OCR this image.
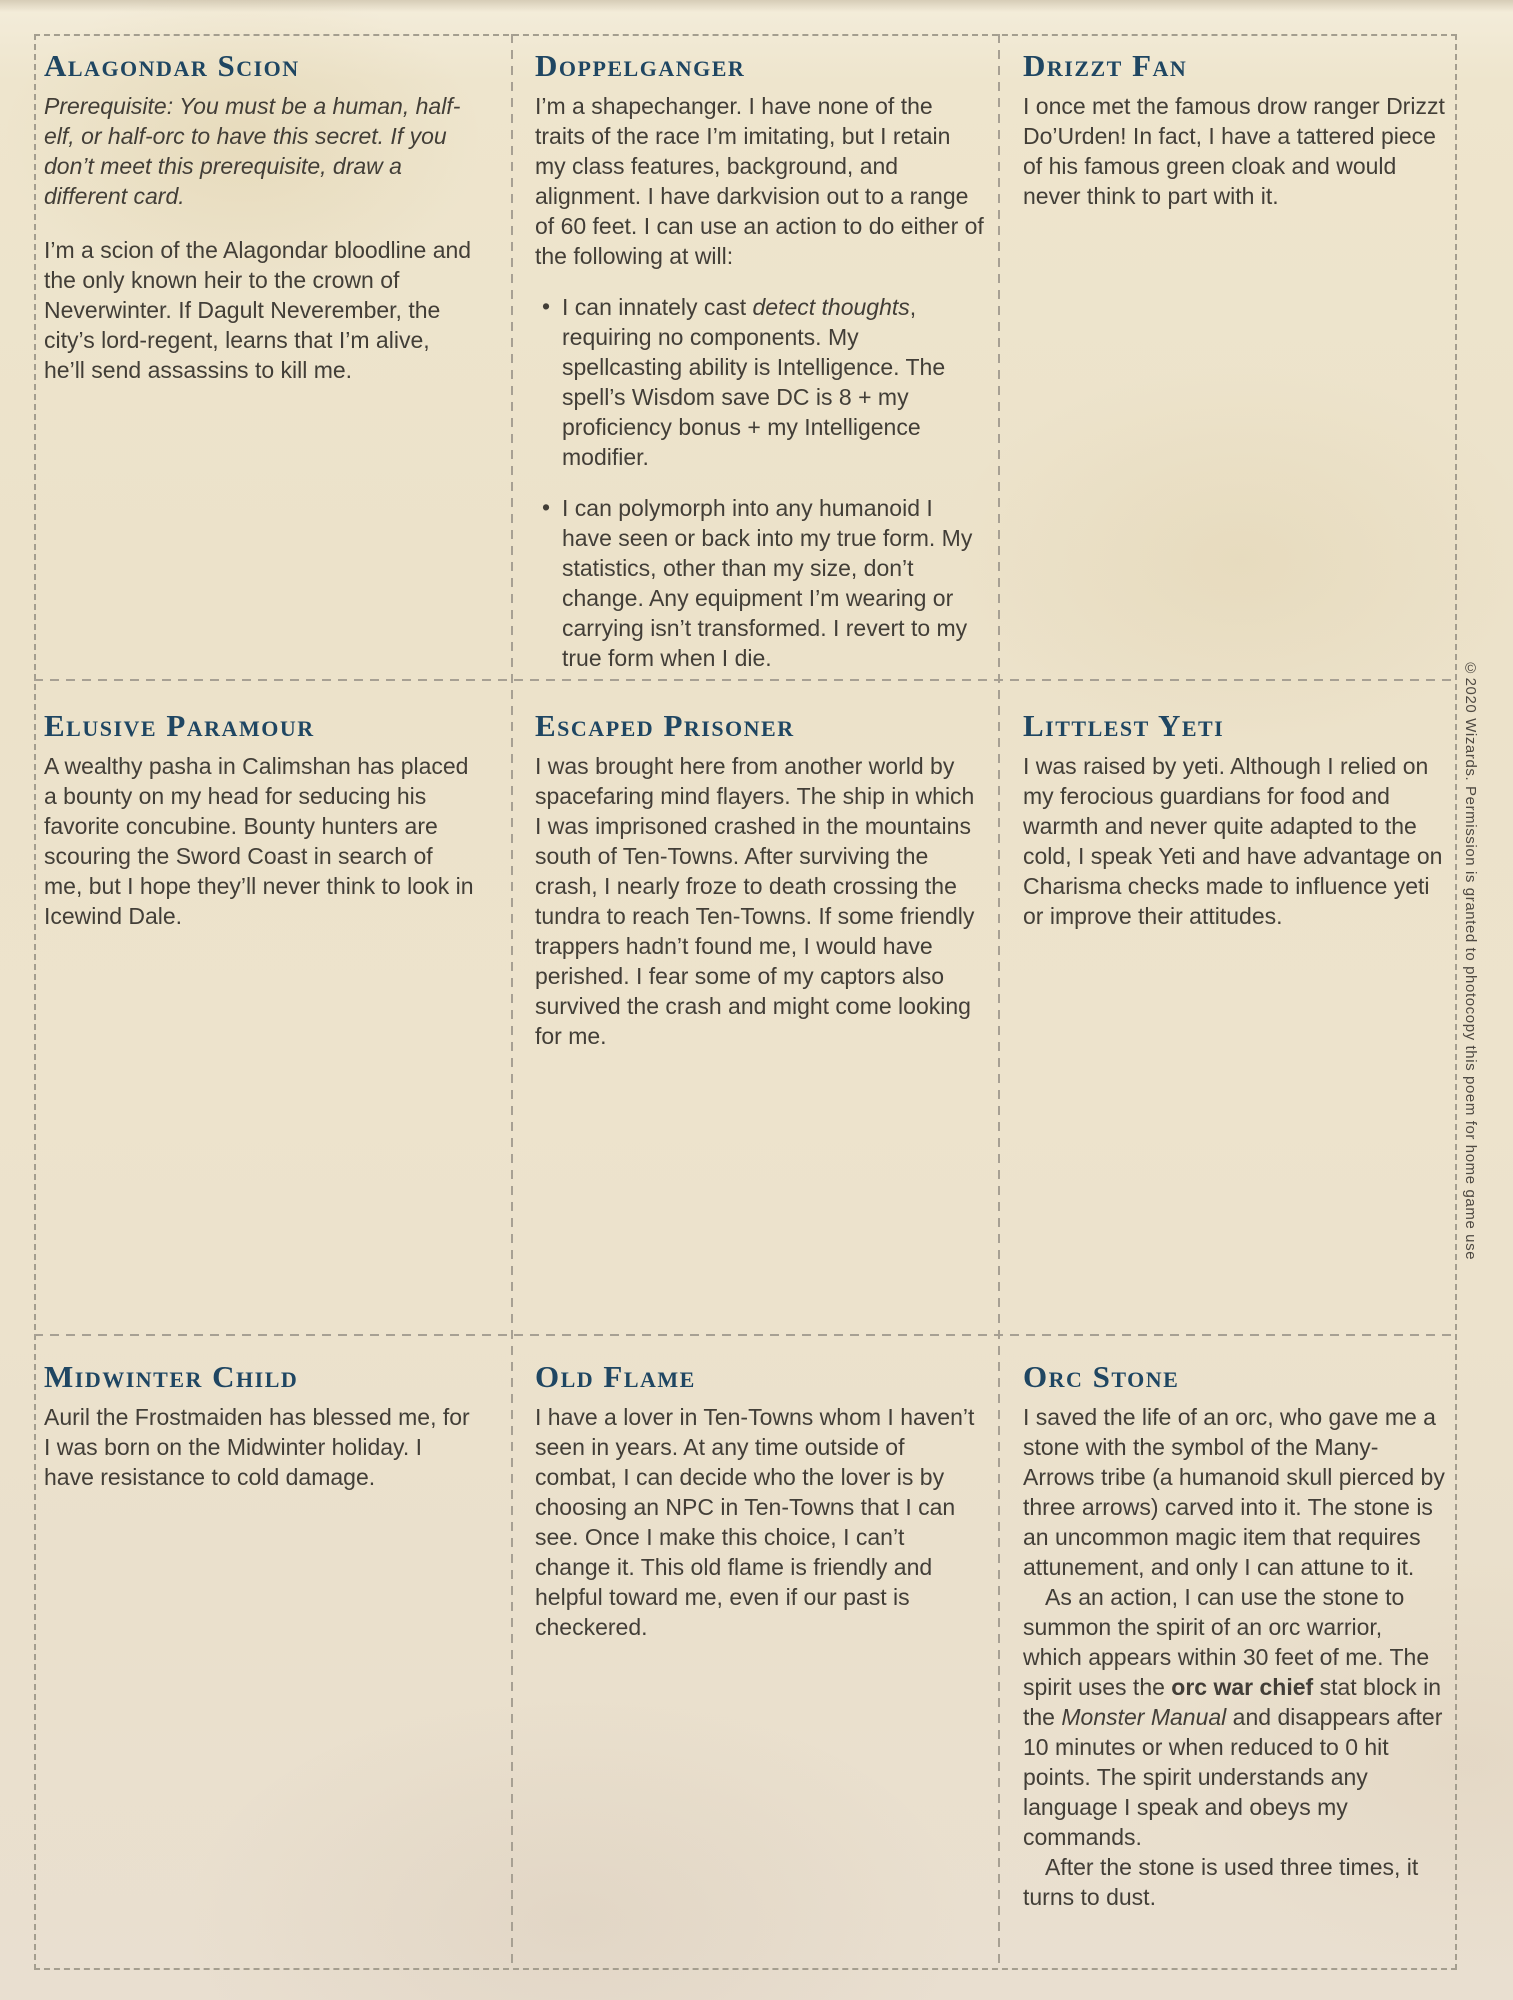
Alagondar Scion

Prerequisite: You must be a human, half-elf, or half-orc to have this secret. If you don’t meet this prerequisite, draw a different card.

I’m a scion of the Alagondar bloodline and the only known heir to the crown of Neverwinter. If Dagult Neverember, the city’s lord-regent, learns that I’m alive, he’ll send assassins to kill me.

Doppelganger

I’m a shapechanger. I have none of the traits of the race I’m imitating, but I retain my class features, background, and alignment. I have darkvision out to a range of 60 feet. I can use an action to do either of the following at will:

• I can innately cast detect thoughts, requiring no components. My spellcasting ability is Intelligence. The spell’s Wisdom save DC is 8 + my proficiency bonus + my Intelligence modifier.

• I can polymorph into any humanoid I have seen or back into my true form. My statistics, other than my size, don’t change. Any equipment I’m wearing or carrying isn’t transformed. I revert to my true form when I die.

Drizzt Fan

I once met the famous drow ranger Drizzt Do’Urden! In fact, I have a tattered piece of his famous green cloak and would never think to part with it.

Elusive Paramour

A wealthy pasha in Calimshan has placed a bounty on my head for seducing his favorite concubine. Bounty hunters are scouring the Sword Coast in search of me, but I hope they’ll never think to look in Icewind Dale.

Escaped Prisoner

I was brought here from another world by spacefaring mind flayers. The ship in which I was imprisoned crashed in the mountains south of Ten-Towns. After surviving the crash, I nearly froze to death crossing the tundra to reach Ten-Towns. If some friendly trappers hadn’t found me, I would have perished. I fear some of my captors also survived the crash and might come looking for me.

Littlest Yeti

I was raised by yeti. Although I relied on my ferocious guardians for food and warmth and never quite adapted to the cold, I speak Yeti and have advantage on Charisma checks made to influence yeti or improve their attitudes.

Midwinter Child

Auril the Frostmaiden has blessed me, for I was born on the Midwinter holiday. I have resistance to cold damage.

Old Flame

I have a lover in Ten-Towns whom I haven’t seen in years. At any time outside of combat, I can decide who the lover is by choosing an NPC in Ten-Towns that I can see. Once I make this choice, I can’t change it. This old flame is friendly and helpful toward me, even if our past is checkered.

Orc Stone

I saved the life of an orc, who gave me a stone with the symbol of the Many-Arrows tribe (a humanoid skull pierced by three arrows) carved into it. The stone is an uncommon magic item that requires attunement, and only I can attune to it.

As an action, I can use the stone to summon the spirit of an orc warrior, which appears within 30 feet of me. The spirit uses the orc war chief stat block in the Monster Manual and disappears after 10 minutes or when reduced to 0 hit points. The spirit understands any language I speak and obeys my commands.

After the stone is used three times, it turns to dust.

©2020 Wizards. Permission is granted to photocopy this poem for home game use
